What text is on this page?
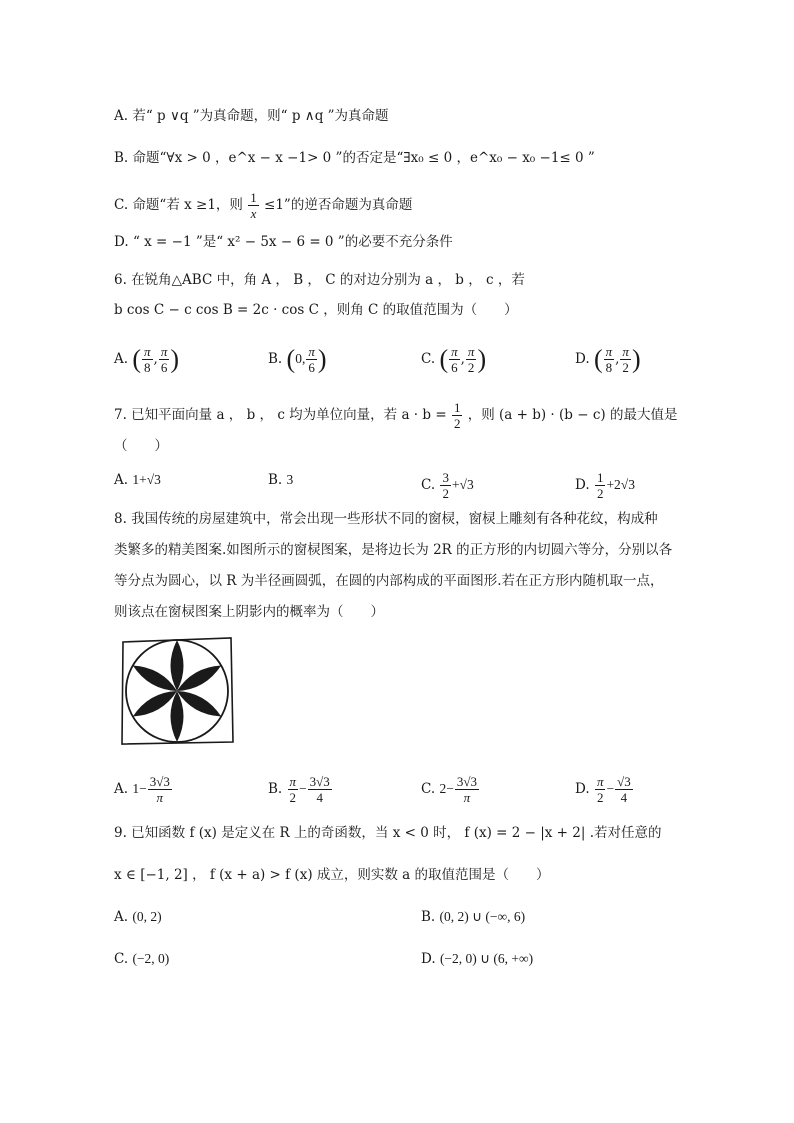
A. 若“ p ∨q ”为真命题，则“ p ∧q ”为真命题
B. 命题“∀x > 0 ，e^x − x −1> 0 ”的否定是“∃x₀ ≤ 0 ，e^x₀ − x₀ −1≤ 0 ”
C. 命题“若 x ≥1，则 $\frac{1}{x} \le 1$”的逆否命题为真命题
D. “ x = −1 ”是“ x² − 5x − 6 = 0 ”的必要不充分条件
6. 在锐角△ABC 中，角 A ， B ， C 的对边分别为 a ， b ， c ，若
b cos C − c cos B = 2c · cos C ，则角 C 的取值范围为（　　）
A. ( $\frac{\pi}{8}$ , $\frac{\pi}{6}$ )	B. (0, $\frac{\pi}{6}$ )	C. ( $\frac{\pi}{6}$ , $\frac{\pi}{2}$ )	D. ( $\frac{\pi}{8}$ , $\frac{\pi}{2}$ )
7. 已知平面向量 a ， b ， c 均为单位向量，若 $a \cdot b = \frac{1}{2}$ ，则 (a + b) · (b − c) 的最大值是
（　　）
A. 1+√3	B. 3	C. $\frac{3}{2} +√3$	D. $\frac{1}{2} +2√3$
8. 我国传统的房屋建筑中，常会出现一些形状不同的窗棂，窗棂上雕刻有各种花纹，构成种
类繁多的精美图案.如图所示的窗棂图案，是将边长为 2R 的正方形的内切圆六等分，分别以各
等分点为圆心，以 R 为半径画圆弧，在圆的内部构成的平面图形.若在正方形内随机取一点，
则该点在窗棂图案上阴影内的概率为（　　）
A. $1- \frac{3√3}{\pi}$	B. $\frac{\pi}{2} - \frac{3√3}{4}$	C. $2- \frac{3√3}{\pi}$	D. $\frac{\pi}{2} - \frac{√3}{4}$
9. 已知函数 f (x) 是定义在 R 上的奇函数，当 x < 0 时， f (x) = 2 − |x + 2| .若对任意的
x ∈ [−1, 2] ， f (x + a) > f (x) 成立，则实数 a 的取值范围是（　　）
A. (0, 2)	B. (0, 2) ∪ (−∞, 6)
C. (−2, 0)	D. (−2, 0) ∪ (6, +∞)
